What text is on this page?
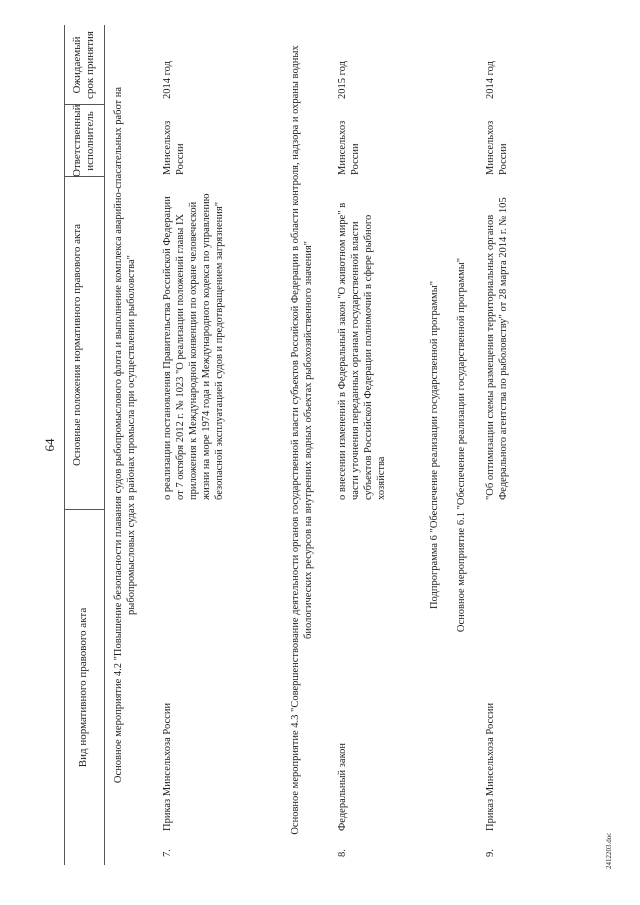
64
Вид нормативного правового акта
Основные положения нормативного правового акта
Ответственный исполнитель
Ожидаемый срок принятия
Основное мероприятие 4.2 "Повышение безопасности плавания судов рыбопромыслового флота и выполнение комплекса аварийно-спасательных работ на рыбопромысловых судах в районах промысла при осуществлении рыболовства"
7.
Приказ Минсельхоза России
о реализации постановления Правительства Российской Федерации от 7 октября 2012 г. № 1023 "О реализации положений главы IX приложения к Международной конвенции по охране человеческой жизни на море 1974 года и Международного кодекса по управлению безопасной эксплуатацией судов и предотвращением загрязнения"
Минсельхоз России
2014 год	Основное мероприятие 4.3 "Совершенствование деятельности органов государственной власти субъектов Российской Федерации в области контроля, надзора и охраны водных биологических ресурсов на внутренних водных объектах рыбохозяйственного значения"
8.
Федеральный закон
о внесении изменений в Федеральный закон "О животном мире" в части уточнения переданных органам государственной власти субъектов Российской Федерации полномочий в сфере рыбного хозяйства
Минсельхоз России
2015 год
Подпрограмма 6 "Обеспечение реализации государственной программы" Основное мероприятие 6.1 "Обеспечение реализации государственной программы"
9.
Приказ Минсельхоза России
"Об оптимизации схемы размещения территориальных органов Федерального агентства по рыболовству" от 28 марта 2014 г. № 105
Минсельхоз России
2014 год
2412203.doc
